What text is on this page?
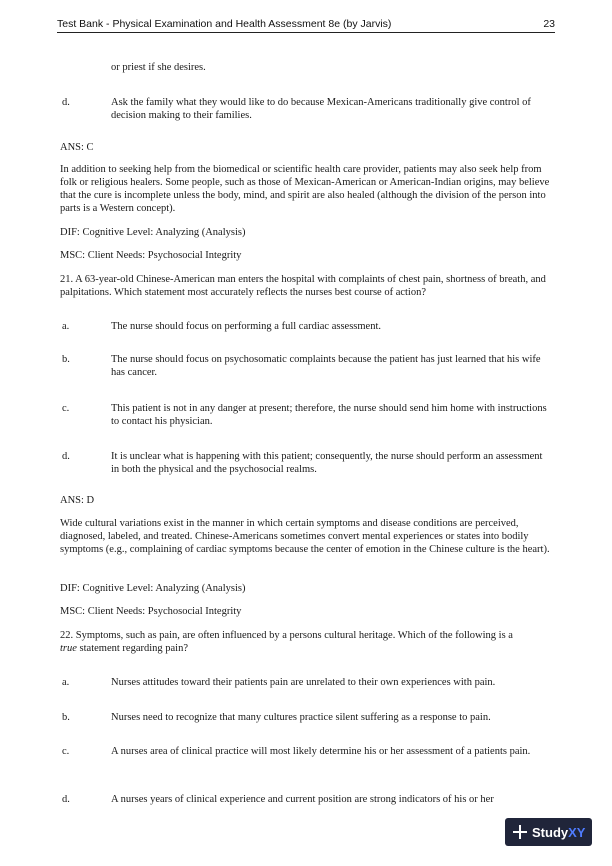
Test Bank - Physical Examination and Health Assessment 8e (by Jarvis)	23
or priest if she desires.
d.	Ask the family what they would like to do because Mexican-Americans traditionally give control of decision making to their families.

ANS: C

In addition to seeking help from the biomedical or scientific health care provider, patients may also seek help from folk or religious healers. Some people, such as those of Mexican-American or American-Indian origins, may believe that the cure is incomplete unless the body, mind, and spirit are also healed (although the division of the person into parts is a Western concept).

DIF: Cognitive Level: Analyzing (Analysis)

MSC: Client Needs: Psychosocial Integrity

21. A 63-year-old Chinese-American man enters the hospital with complaints of chest pain, shortness of breath, and palpitations. Which statement most accurately reflects the nurses best course of action?

a.	The nurse should focus on performing a full cardiac assessment.
b.	The nurse should focus on psychosomatic complaints because the patient has just learned that his wife has cancer.
c.	This patient is not in any danger at present; therefore, the nurse should send him home with instructions to contact his physician.
d.	It is unclear what is happening with this patient; consequently, the nurse should perform an assessment in both the physical and the psychosocial realms.

ANS: D

Wide cultural variations exist in the manner in which certain symptoms and disease conditions are perceived, diagnosed, labeled, and treated. Chinese-Americans sometimes convert mental experiences or states into bodily symptoms (e.g., complaining of cardiac symptoms because the center of emotion in the Chinese culture is the heart).

DIF: Cognitive Level: Analyzing (Analysis)

MSC: Client Needs: Psychosocial Integrity

22. Symptoms, such as pain, are often influenced by a persons cultural heritage. Which of the following is a
true statement regarding pain?

a.	Nurses attitudes toward their patients pain are unrelated to their own experiences with pain.
b.	Nurses need to recognize that many cultures practice silent suffering as a response to pain.
c.	A nurses area of clinical practice will most likely determine his or her assessment of a patients pain.
d.	A nurses years of clinical experience and current position are strong indicators of his or her
Study XY
